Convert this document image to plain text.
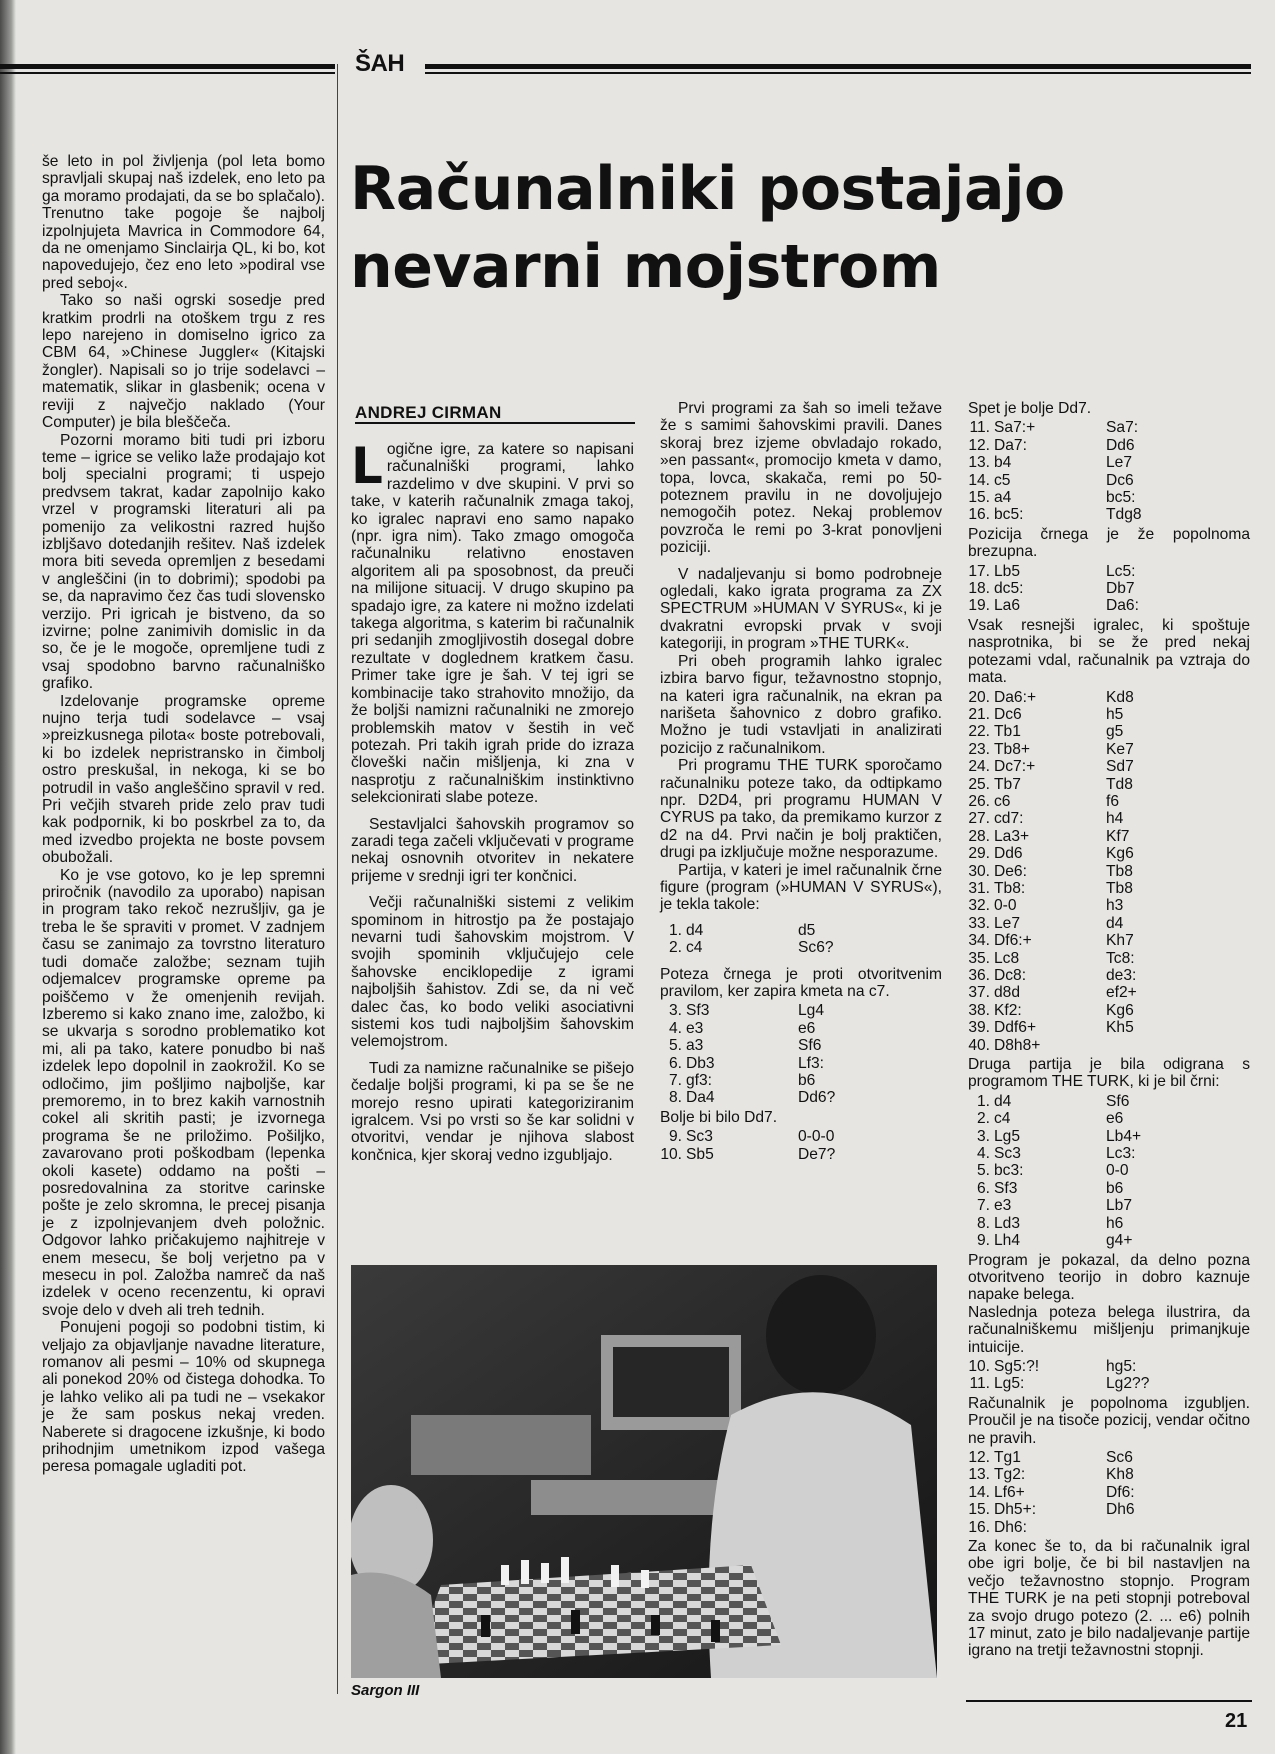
ŠAH
Računalniki postajajo
nevarni mojstrom

še leto in pol življenja (pol leta bomo spravljali skupaj naš izdelek, eno leto pa ga moramo prodajati, da se bo splačalo). Trenutno take pogoje še najbolj izpolnjujeta Mavrica in Commodore 64, da ne omenjamo Sinclairja QL, ki bo, kot napovedujejo, čez eno leto »podiral vse pred seboj«.

Tako so naši ogrski sosedje pred kratkim prodrli na otoškem trgu z res lepo narejeno in domiselno igrico za CBM 64, »Chinese Juggler« (Kitajski žongler). Napisali so jo trije sodelavci – matematik, slikar in glasbenik; ocena v reviji z največjo naklado (Your Computer) je bila bleščeča.

Pozorni moramo biti tudi pri izboru teme – igrice se veliko laže prodajajo kot bolj specialni programi; ti uspejo predvsem takrat, kadar zapolnijo kako vrzel v programski literaturi ali pa pomenijo za velikostni razred hujšo izbljšavo dotedanjih rešitev. Naš izdelek mora biti seveda opremljen z besedami v angleščini (in to dobrimi); spodobi pa se, da napravimo čez čas tudi slovensko verzijo. Pri igricah je bistveno, da so izvirne; polne zanimivih domislic in da so, če je le mogoče, opremljene tudi z vsaj spodobno barvno računalniško grafiko.

Izdelovanje programske opreme nujno terja tudi sodelavce – vsaj »preizkusnega pilota« boste potrebovali, ki bo izdelek nepristransko in čimbolj ostro preskušal, in nekoga, ki se bo potrudil in vašo angleščino spravil v red. Pri večjih stvareh pride zelo prav tudi kak podpornik, ki bo poskrbel za to, da med izvedbo projekta ne boste povsem obubožali.

Ko je vse gotovo, ko je lep spremni priročnik (navodilo za uporabo) napisan in program tako rekoč nezrušljiv, ga je treba le še spraviti v promet. V zadnjem času se zanimajo za tovrstno literaturo tudi domače založbe; seznam tujih odjemalcev programske opreme pa poiščemo v že omenjenih revijah. Izberemo si kako znano ime, založbo, ki se ukvarja s sorodno problematiko kot mi, ali pa tako, katere ponudbo bi naš izdelek lepo dopolnil in zaokrožil. Ko se odločimo, jim pošljimo najboljše, kar premoremo, in to brez kakih varnostnih cokel ali skritih pasti; je izvornega programa še ne priložimo. Pošiljko, zavarovano proti poškodbam (lepenka okoli kasete) oddamo na pošti – posredovalnina za storitve carinske pošte je zelo skromna, le precej pisanja je z izpolnjevanjem dveh položnic. Odgovor lahko pričakujemo najhitreje v enem mesecu, še bolj verjetno pa v mesecu in pol. Založba namreč da naš izdelek v oceno recenzentu, ki opravi svoje delo v dveh ali treh tednih.

Ponujeni pogoji so podobni tistim, ki veljajo za objavljanje navadne literature, romanov ali pesmi – 10% od skupnega ali ponekod 20% od čistega dohodka. To je lahko veliko ali pa tudi ne – vsekakor je že sam poskus nekaj vreden. Naberete si dragocene izkušnje, ki bodo prihodnjim umetnikom izpod vašega peresa pomagale ugladiti pot.

ANDREJ CIRMAN

Logične igre, za katere so napisani računalniški programi, lahko razdelimo v dve skupini. V prvi so take, v katerih računalnik zmaga takoj, ko igralec napravi eno samo napako (npr. igra nim). Tako zmago omogoča računalniku relativno enostaven algoritem ali pa sposobnost, da preuči na milijone situacij. V drugo skupino pa spadajo igre, za katere ni možno izdelati takega algoritma, s katerim bi računalnik pri sedanjih zmogljivostih dosegal dobre rezultate v doglednem kratkem času. Primer take igre je šah. V tej igri se kombinacije tako strahovito množijo, da že boljši namizni računalniki ne zmorejo problemskih matov v šestih in več potezah. Pri takih igrah pride do izraza človeški način mišljenja, ki zna v nasprotju z računalniškim instinktivno selekcionirati slabe poteze.

Sestavljalci šahovskih programov so zaradi tega začeli vključevati v programe nekaj osnovnih otvoritev in nekatere prijeme v srednji igri ter končnici.

Večji računalniški sistemi z velikim spominom in hitrostjo pa že postajajo nevarni tudi šahovskim mojstrom. V svojih spominih vključujejo cele šahovske enciklopedije z igrami najboljših šahistov. Zdi se, da ni več dalec čas, ko bodo veliki asociativni sistemi kos tudi najboljšim šahovskim velemojstrom.

Tudi za namizne računalnike se pišejo čedalje boljši programi, ki pa se še ne morejo resno upirati kategoriziranim igralcem. Vsi po vrsti so še kar solidni v otvoritvi, vendar je njihova slabost končnica, kjer skoraj vedno izgubljajo.

Prvi programi za šah so imeli težave že s samimi šahovskimi pravili. Danes skoraj brez izjeme obvladajo rokado, »en passant«, promocijo kmeta v damo, topa, lovca, skakača, remi po 50-poteznem pravilu in ne dovoljujejo nemogočih potez. Nekaj problemov povzroča le remi po 3-krat ponovljeni poziciji.

V nadaljevanju si bomo podrobneje ogledali, kako igrata programa za ZX SPECTRUM »HUMAN V SYRUS«, ki je dvakratni evropski prvak v svoji kategoriji, in program »THE TURK«.

Pri obeh programih lahko igralec izbira barvo figur, težavnostno stopnjo, na kateri igra računalnik, na ekran pa narišeta šahovnico z dobro grafiko. Možno je tudi vstavljati in analizirati pozicijo z računalnikom.

Pri programu THE TURK sporočamo računalniku poteze tako, da odtipkamo npr. D2D4, pri programu HUMAN V CYRUS pa tako, da premikamo kurzor z d2 na d4. Prvi način je bolj praktičen, drugi pa izključuje možne nesporazume.

Partija, v kateri je imel računalnik črne figure (program (»HUMAN V SYRUS«), je tekla takole:

1. d4	d5
2. c4	Sc6?

Poteza črnega je proti otvoritvenim pravilom, ker zapira kmeta na c7.

3. Sf3	Lg4
4. e3	e6
5. a3	Sf6
6. Db3	Lf3:
7. gf3:	b6
8. Da4	Dd6?

Bolje bi bilo Dd7.

9. Sc3	0-0-0
10. Sb5	De7?

Spet je bolje Dd7.

11. Sa7:+	Sa7:
12. Da7:	Dd6
13. b4	Le7
14. c5	Dc6
15. a4	bc5:
16. bc5:	Tdg8

Pozicija črnega je že popolnoma brezupna.

17. Lb5	Lc5:
18. dc5:	Db7
19. La6	Da6:

Vsak resnejši igralec, ki spoštuje nasprotnika, bi se že pred nekaj potezami vdal, računalnik pa vztraja do mata.

20. Da6:+	Kd8
21. Dc6	h5
22. Tb1	g5
23. Tb8+	Ke7
24. Dc7:+	Sd7
25. Tb7	Td8
26. c6	f6
27. cd7:	h4
28. La3+	Kf7
29. Dd6	Kg6
30. De6:	Tb8
31. Tb8:	Tb8
32. 0-0	h3
33. Le7	d4
34. Df6:+	Kh7
35. Lc8	Tc8:
36. Dc8:	de3:
37. d8d	ef2+
38. Kf2:	Kg6
39. Ddf6+	Kh5
40. D8h8+

Druga partija je bila odigrana s programom THE TURK, ki je bil črni:

1. d4	Sf6
2. c4	e6
3. Lg5	Lb4+
4. Sc3	Lc3:
5. bc3:	0-0
6. Sf3	b6
7. e3	Lb7
8. Ld3	h6
9. Lh4	g4+

Program je pokazal, da delno pozna otvoritveno teorijo in dobro kaznuje napake belega.

Naslednja poteza belega ilustrira, da računalniškemu mišljenju primanjkuje intuicije.

10. Sg5:?!	hg5:
11. Lg5:	Lg2??

Računalnik je popolnoma izgubljen. Proučil je na tisoče pozicij, vendar očitno ne pravih.

12. Tg1	Sc6
13. Tg2:	Kh8
14. Lf6+	Df6:
15. Dh5+:	Dh6
16. Dh6:

Za konec še to, da bi računalnik igral obe igri bolje, če bi bil nastavljen na večjo težavnostno stopnjo. Program THE TURK je na peti stopnji potreboval za svojo drugo potezo (2. ... e6) polnih 17 minut, zato je bilo nadaljevanje partije igrano na tretji težavnostni stopnji.

Sargon III
21
